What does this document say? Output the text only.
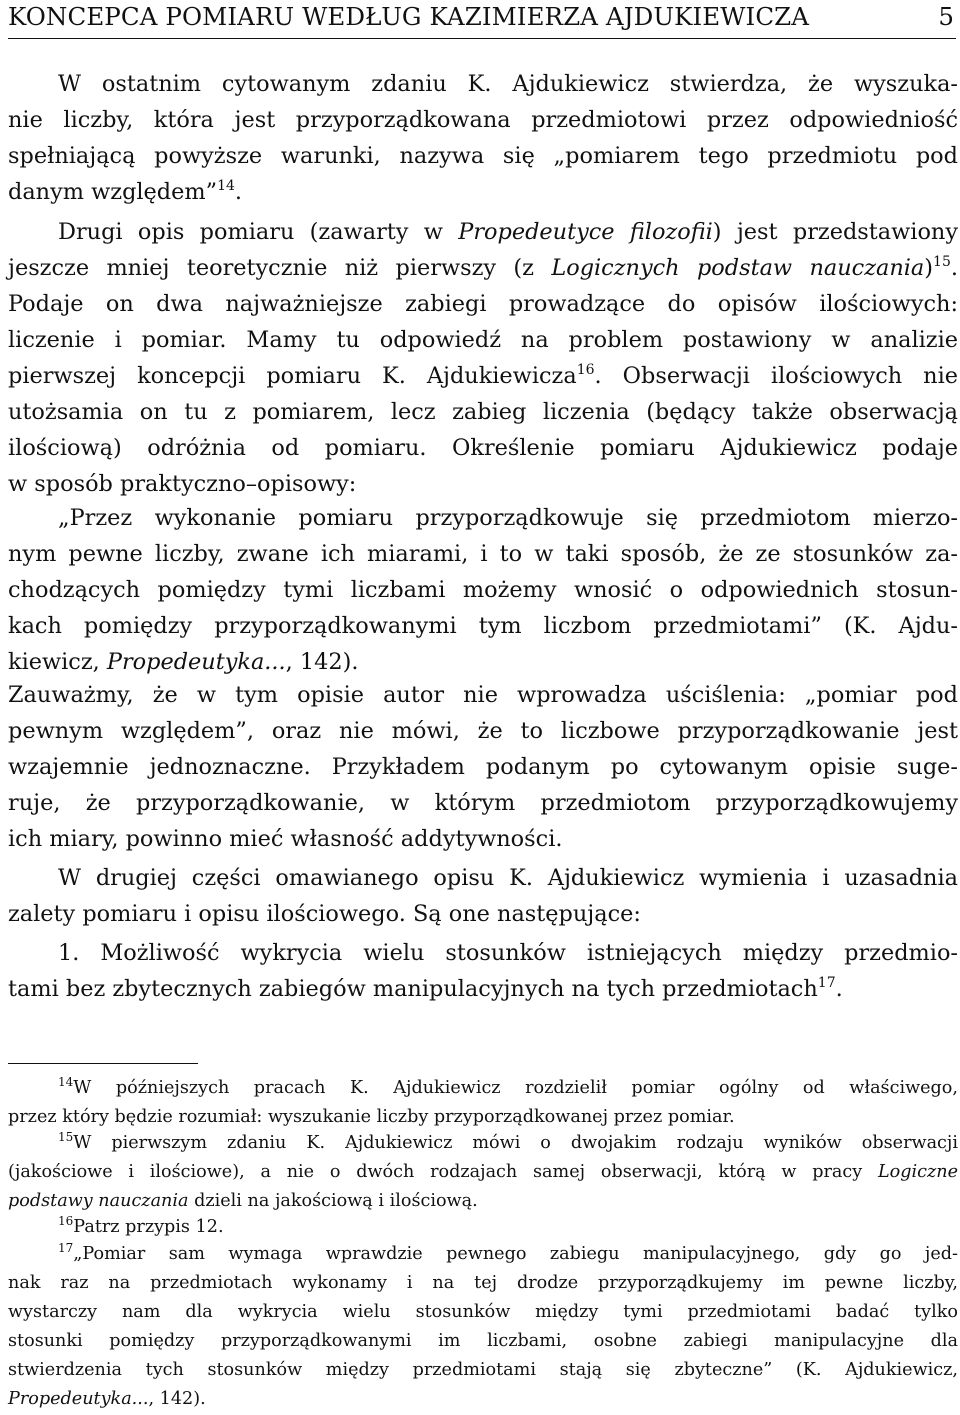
KONCEPCA POMIARU WEDŁUG KAZIMIERZA AJDUKIEWICZA	5
W ostatnim cytowanym zdaniu K. Ajdukiewicz stwierdza, że wyszuka-
nie liczby, która jest przyporządkowana przedmiotowi przez odpowiedniość
spełniającą powyższe warunki, nazywa się „pomiarem tego przedmiotu pod
danym względem”$^{14}$.
Drugi opis pomiaru (zawarty w Propedeutyce filozofii) jest przedstawiony
jeszcze mniej teoretycznie niż pierwszy (z Logicznych podstaw nauczania)$^{15}$.
Podaje on dwa najważniejsze zabiegi prowadzące do opisów ilościowych:
liczenie i pomiar. Mamy tu odpowiedź na problem postawiony w analizie
pierwszej koncepcji pomiaru K. Ajdukiewicza$^{16}$. Obserwacji ilościowych nie
utożsamia on tu z pomiarem, lecz zabieg liczenia (będący także obserwacją
ilościową) odróżnia od pomiaru. Określenie pomiaru Ajdukiewicz podaje
w sposób praktyczno–opisowy:
„Przez wykonanie pomiaru przyporządkowuje się przedmiotom mierzo-
nym pewne liczby, zwane ich miarami, i to w taki sposób, że ze stosunków za-
chodzących pomiędzy tymi liczbami możemy wnosić o odpowiednich stosun-
kach pomiędzy przyporządkowanymi tym liczbom przedmiotami” (K. Ajdu-
kiewicz, Propedeutyka..., 142).
Zauważmy, że w tym opisie autor nie wprowadza uściślenia: „pomiar pod
pewnym względem”, oraz nie mówi, że to liczbowe przyporządkowanie jest
wzajemnie jednoznaczne. Przykładem podanym po cytowanym opisie suge-
ruje, że przyporządkowanie, w którym przedmiotom przyporządkowujemy
ich miary, powinno mieć własność addytywności.
W drugiej części omawianego opisu K. Ajdukiewicz wymienia i uzasadnia
zalety pomiaru i opisu ilościowego. Są one następujące:
1. Możliwość wykrycia wielu stosunków istniejących między przedmio-
tami bez zbytecznych zabiegów manipulacyjnych na tych przedmiotach$^{17}$.
$^{14}$W późniejszych pracach K. Ajdukiewicz rozdzielił pomiar ogólny od właściwego,
przez który będzie rozumiał: wyszukanie liczby przyporządkowanej przez pomiar.
$^{15}$W pierwszym zdaniu K. Ajdukiewicz mówi o dwojakim rodzaju wyników obserwacji
(jakościowe i ilościowe), a nie o dwóch rodzajach samej obserwacji, którą w pracy Logiczne
podstawy nauczania dzieli na jakościową i ilościową.
$^{16}$Patrz przypis 12.
$^{17}$„Pomiar sam wymaga wprawdzie pewnego zabiegu manipulacyjnego, gdy go jed-
nak raz na przedmiotach wykonamy i na tej drodze przyporządkujemy im pewne liczby,
wystarczy nam dla wykrycia wielu stosunków między tymi przedmiotami badać tylko
stosunki pomiędzy przyporządkowanymi im liczbami, osobne zabiegi manipulacyjne dla
stwierdzenia tych stosunków między przedmiotami stają się zbyteczne” (K. Ajdukiewicz,
Propedeutyka..., 142).
